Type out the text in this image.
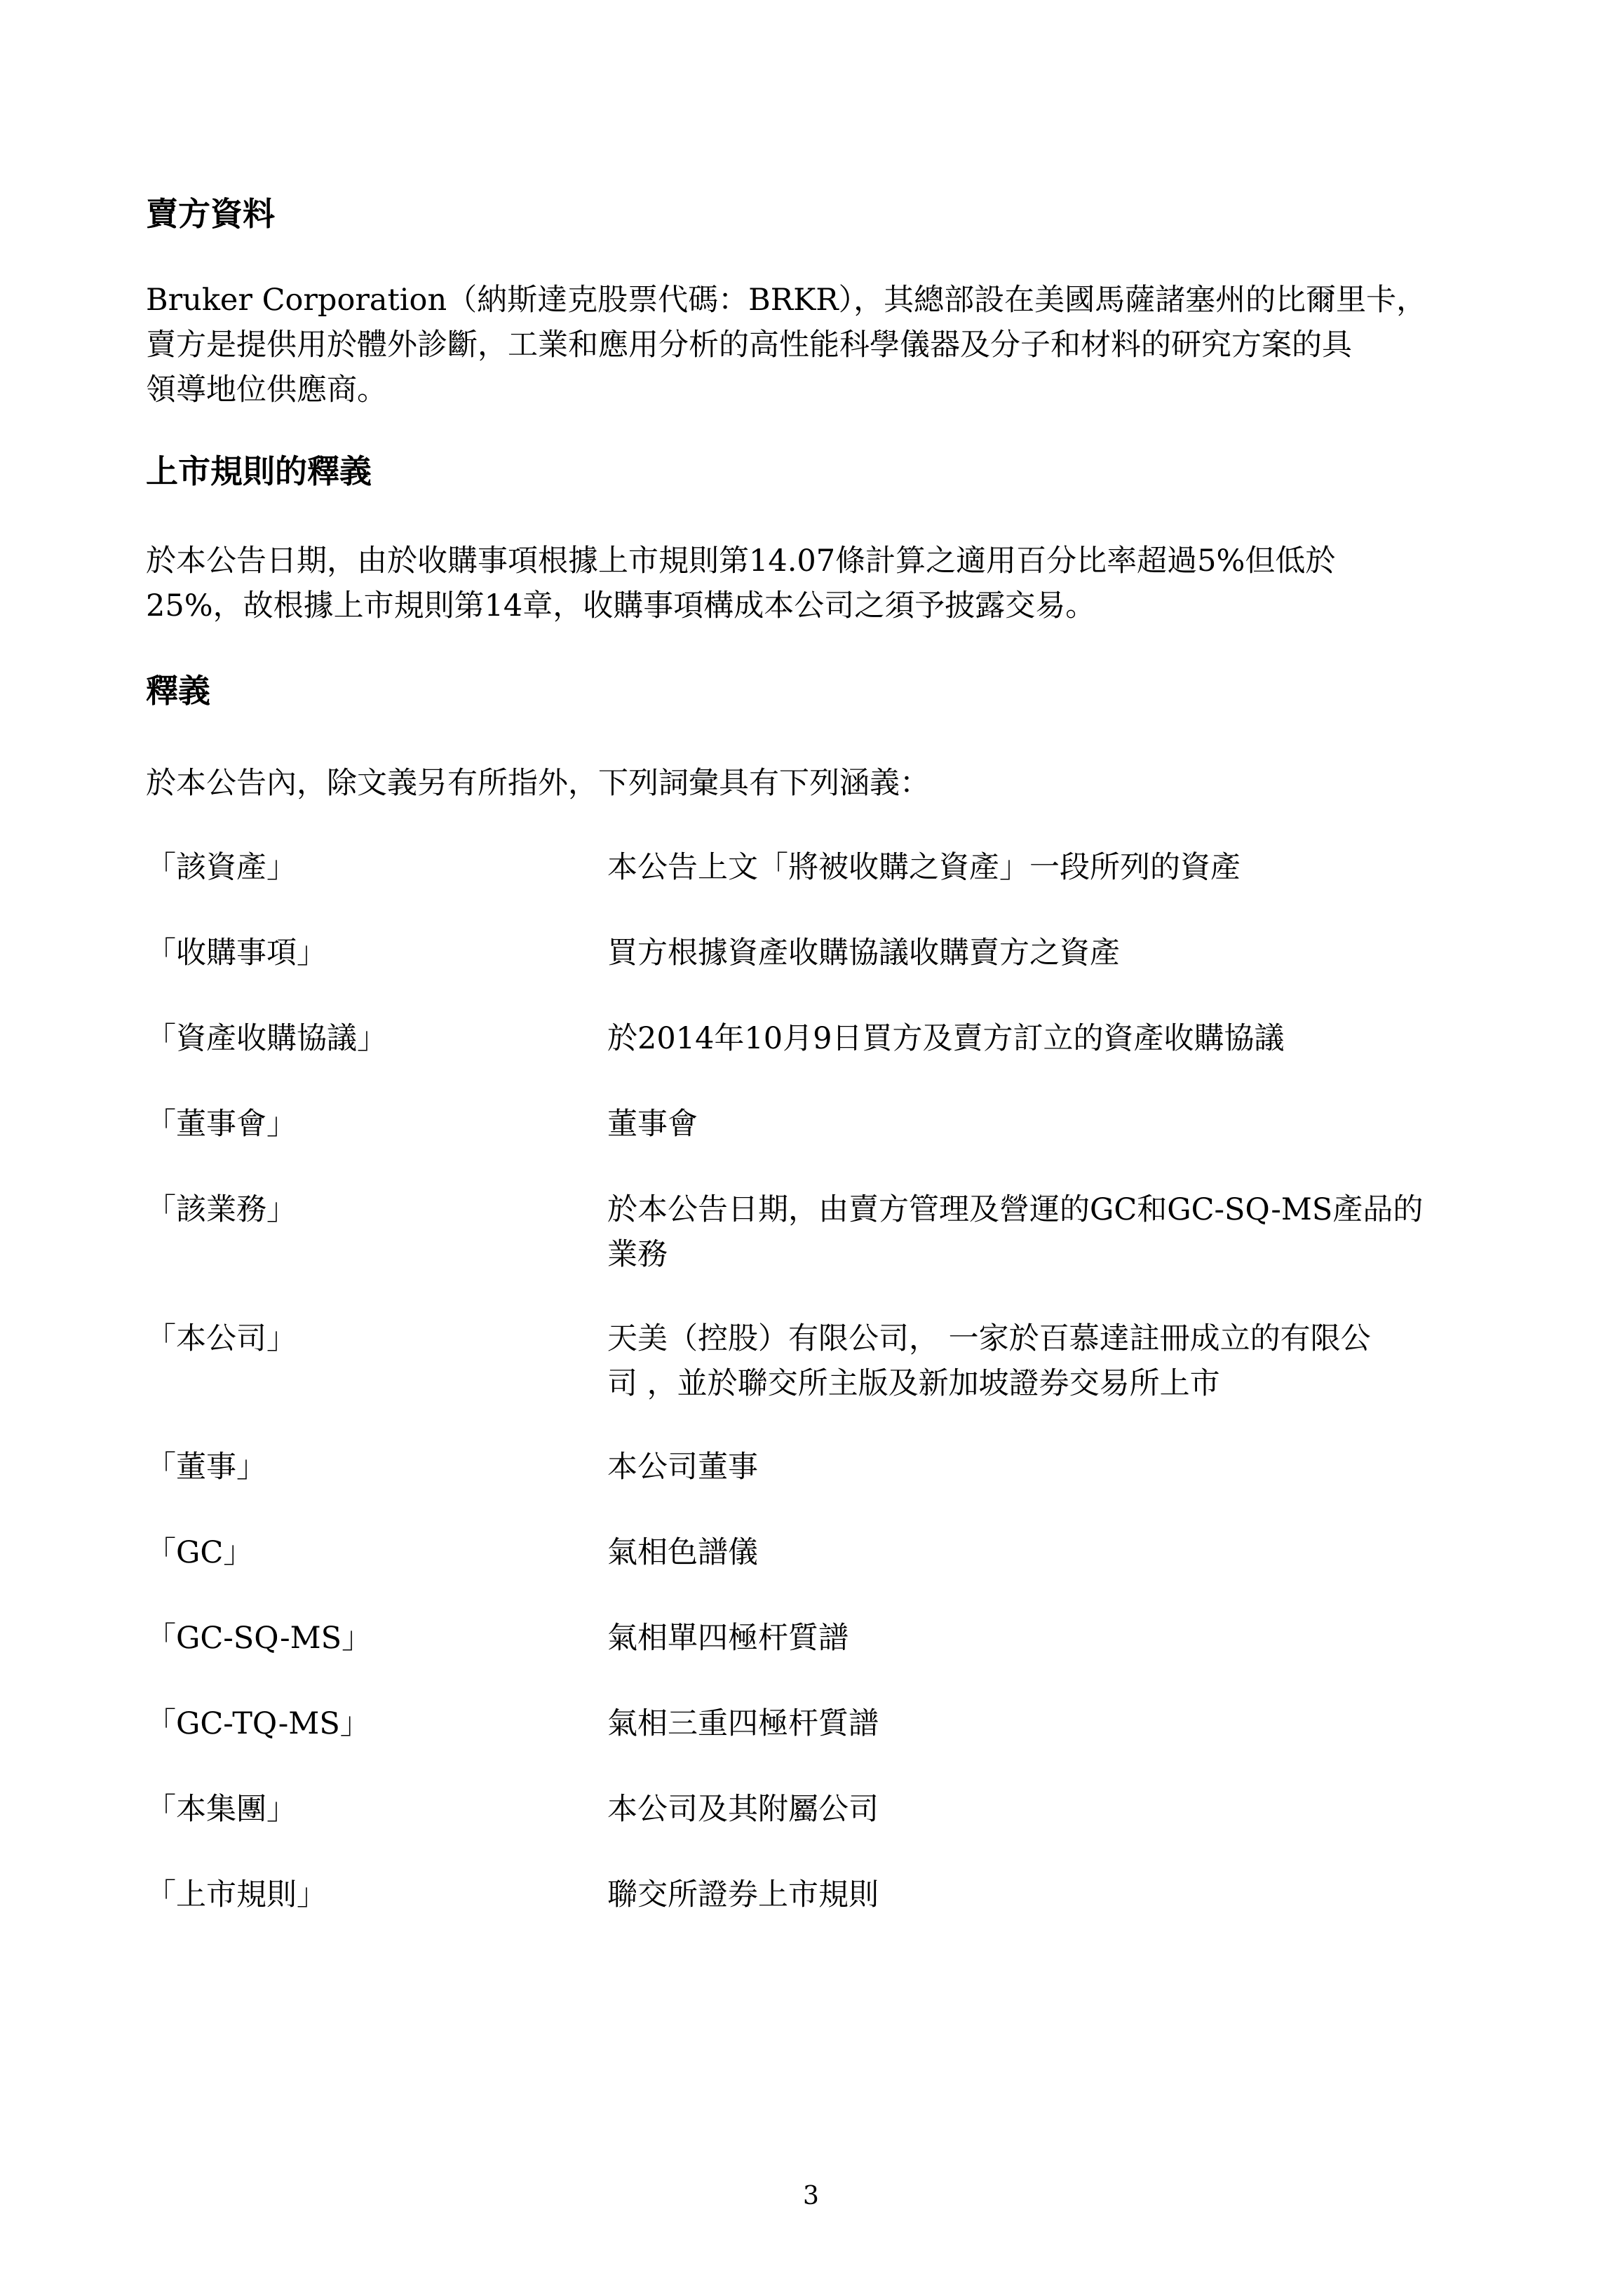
賣方資料
Bruker Corporation（納斯達克股票代碼：BRKR），其總部設在美國馬薩諸塞州的比爾里卡，
賣方是提供用於體外診斷，工業和應用分析的高性能科學儀器及分子和材料的研究方案的具
領導地位供應商。
上市規則的釋義
於本公告日期，由於收購事項根據上市規則第14.07條計算之適用百分比率超過5%但低於
25%，故根據上市規則第14章，收購事項構成本公司之須予披露交易。
釋義
於本公告內，除文義另有所指外，下列詞彙具有下列涵義：
「該資產」	本公告上文「將被收購之資產」一段所列的資產
「收購事項」	買方根據資產收購協議收購賣方之資產
「資產收購協議」	於2014年10月9日買方及賣方訂立的資產收購協議
「董事會」	董事會
「該業務」	於本公告日期，由賣方管理及營運的GC和GC-SQ-MS產品的
業務
「本公司」	天美（控股）有限公司， 一家於百慕達註冊成立的有限公
司 ，並於聯交所主版及新加坡證券交易所上市
「董事」	本公司董事
「GC」	氣相色譜儀
「GC-SQ-MS」	氣相單四極杆質譜
「GC-TQ-MS」	氣相三重四極杆質譜
「本集團」	本公司及其附屬公司
「上市規則」	聯交所證券上市規則
3
